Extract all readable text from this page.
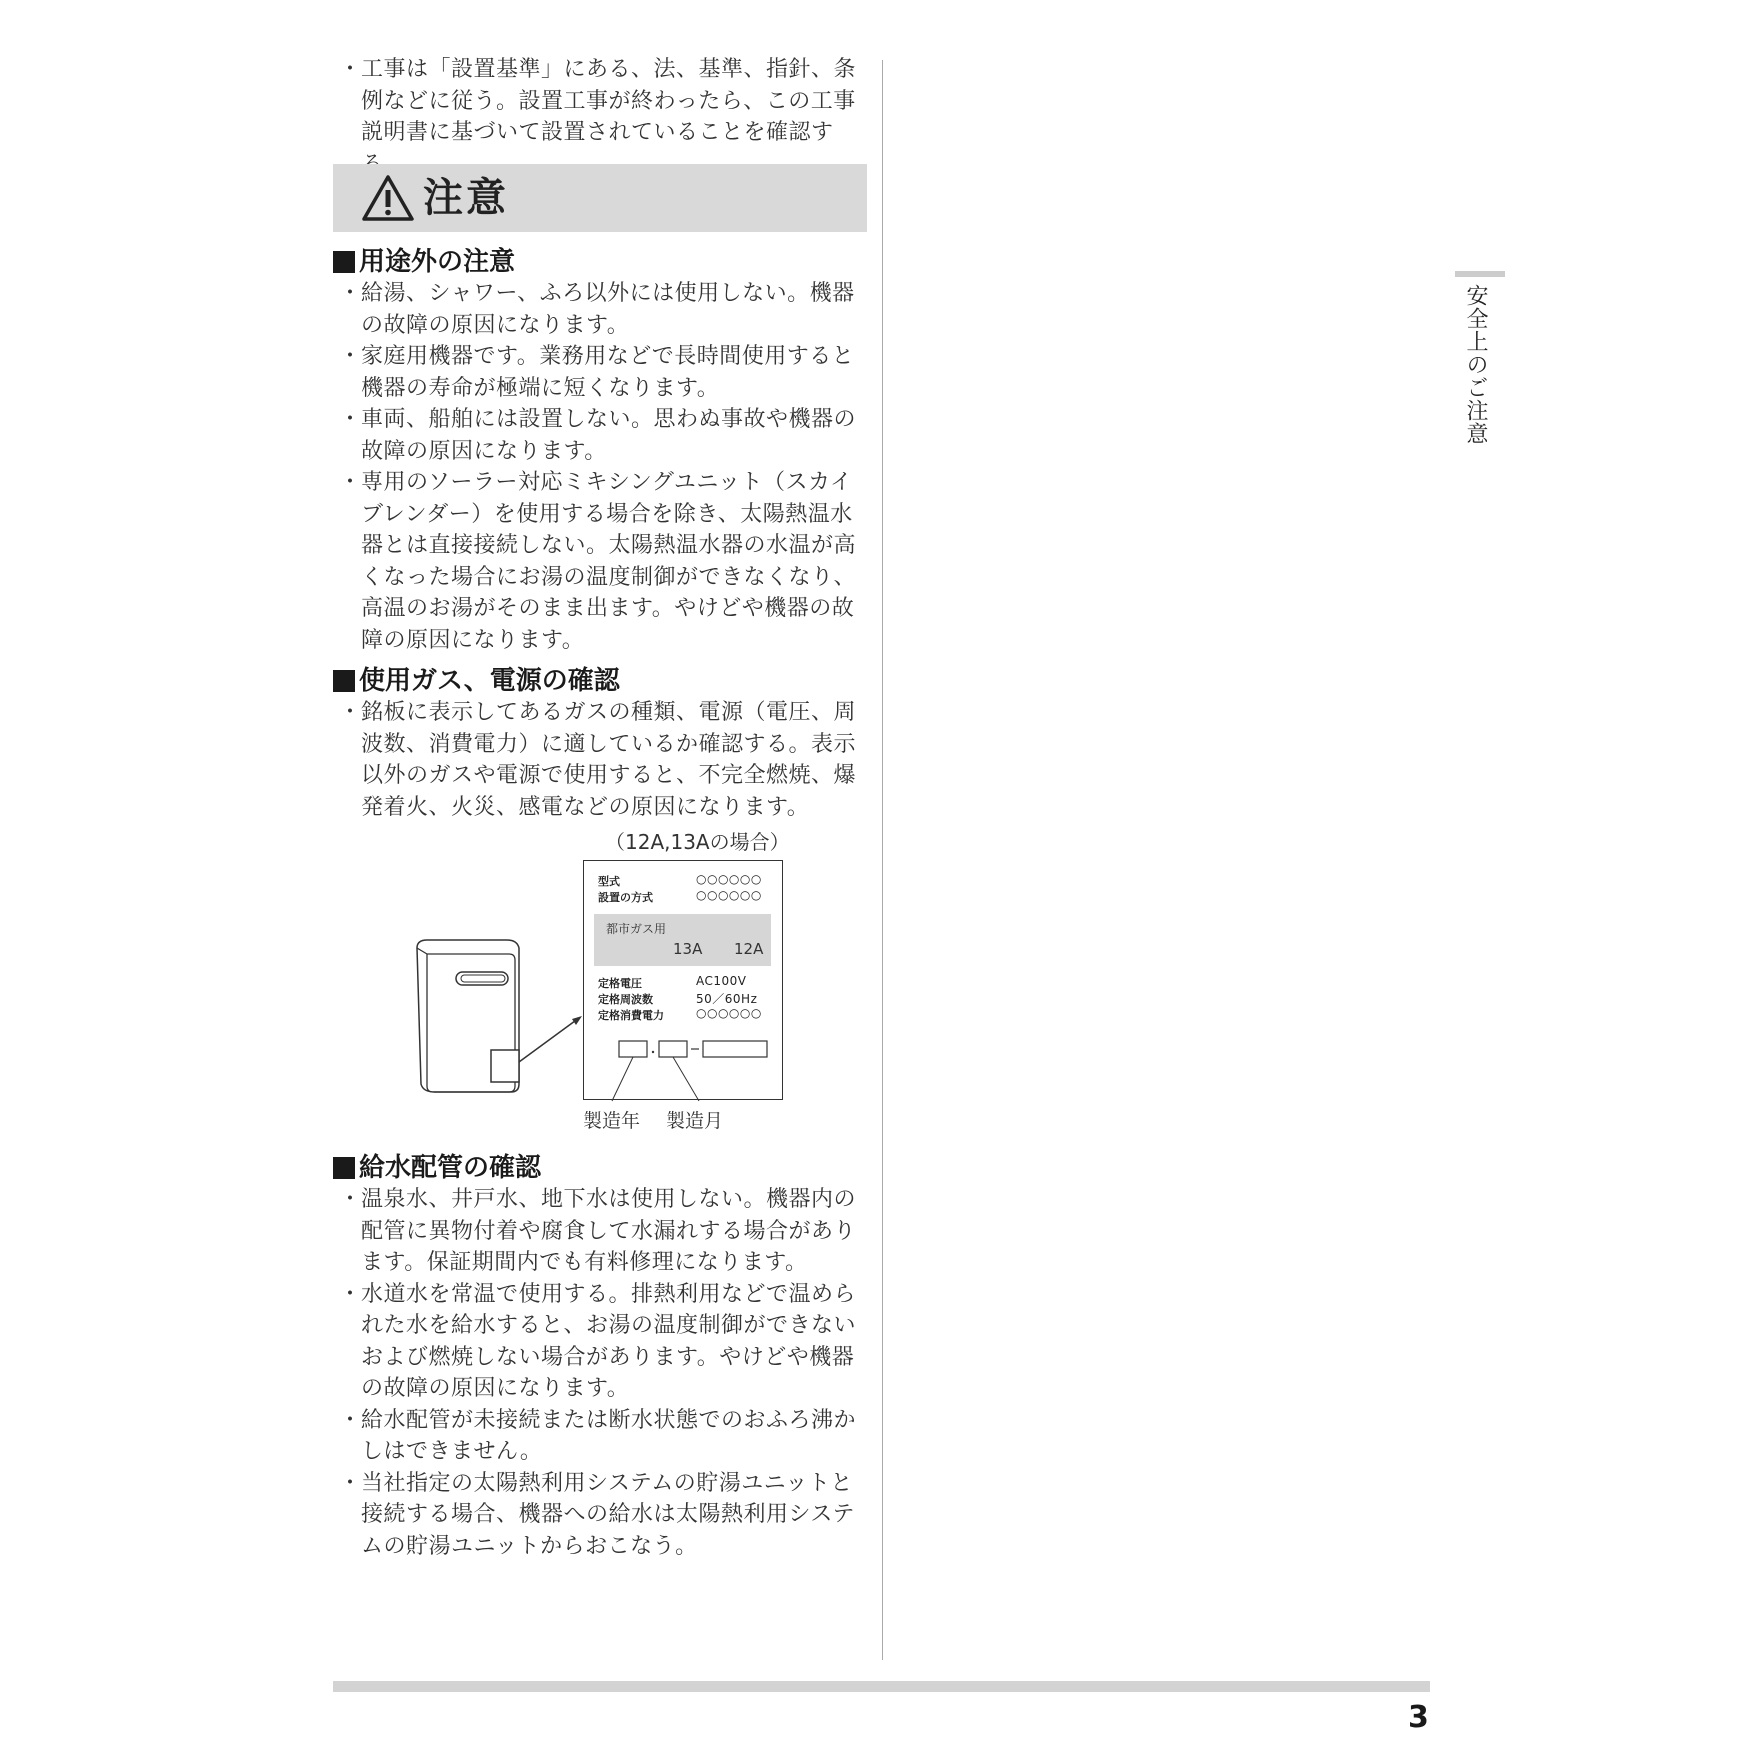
・ 工事は「設置基準」にある、法、基準、指針、条例などに従う。設置工事が終わったら、この工事説明書に基づいて設置されていることを確認す
注意
用途外の注意
・ 給湯、シャワー、ふろ以外には使用しない。機器の故障の原因になります。
・ 家庭用機器です。業務用などで長時間使用すると機器の寿命が極端に短くなります。
・ 車両、船舶には設置しない。思わぬ事故や機器の故障の原因になります。
・ 専用のソーラー対応ミキシングユニット（スカイブレンダー）を使用する場合を除き、太陽熱温水器とは直接接続しない。太陽熱温水器の水温が高くなった場合にお湯の温度制御ができなくなり、高温のお湯がそのまま出ます。やけどや機器の故障の原因になります。
使用ガス、電源の確認
・ 銘板に表示してあるガスの種類、電源（電圧、周波数、消費電力）に適しているか確認する。表示以外のガスや電源で使用すると、不完全燃焼、爆発着火、火災、感電などの原因になります。
（12A,13Aの場合）
型式	○○○○○○
設置の方式	○○○○○○
都市ガス用
13A 12A
定格電圧	AC100V
定格周波数	50／60Hz
定格消費電力	○○○○○○
製造年 製造月
給水配管の確認
・ 温泉水、井戸水、地下水は使用しない。機器内の配管に異物付着や腐食して水漏れする場合があります。保証期間内でも有料修理になります。
・ 水道水を常温で使用する。排熱利用などで温められた水を給水すると、お湯の温度制御ができないおよび燃焼しない場合があります。やけどや機器の故障の原因になります。
・ 給水配管が未接続または断水状態でのおふろ沸かしはできません。
・ 当社指定の太陽熱利用システムの貯湯ユニットと接続する場合、機器への給水は太陽熱利用システムの貯湯ユニットからおこなう。
安全上のご注意
3
